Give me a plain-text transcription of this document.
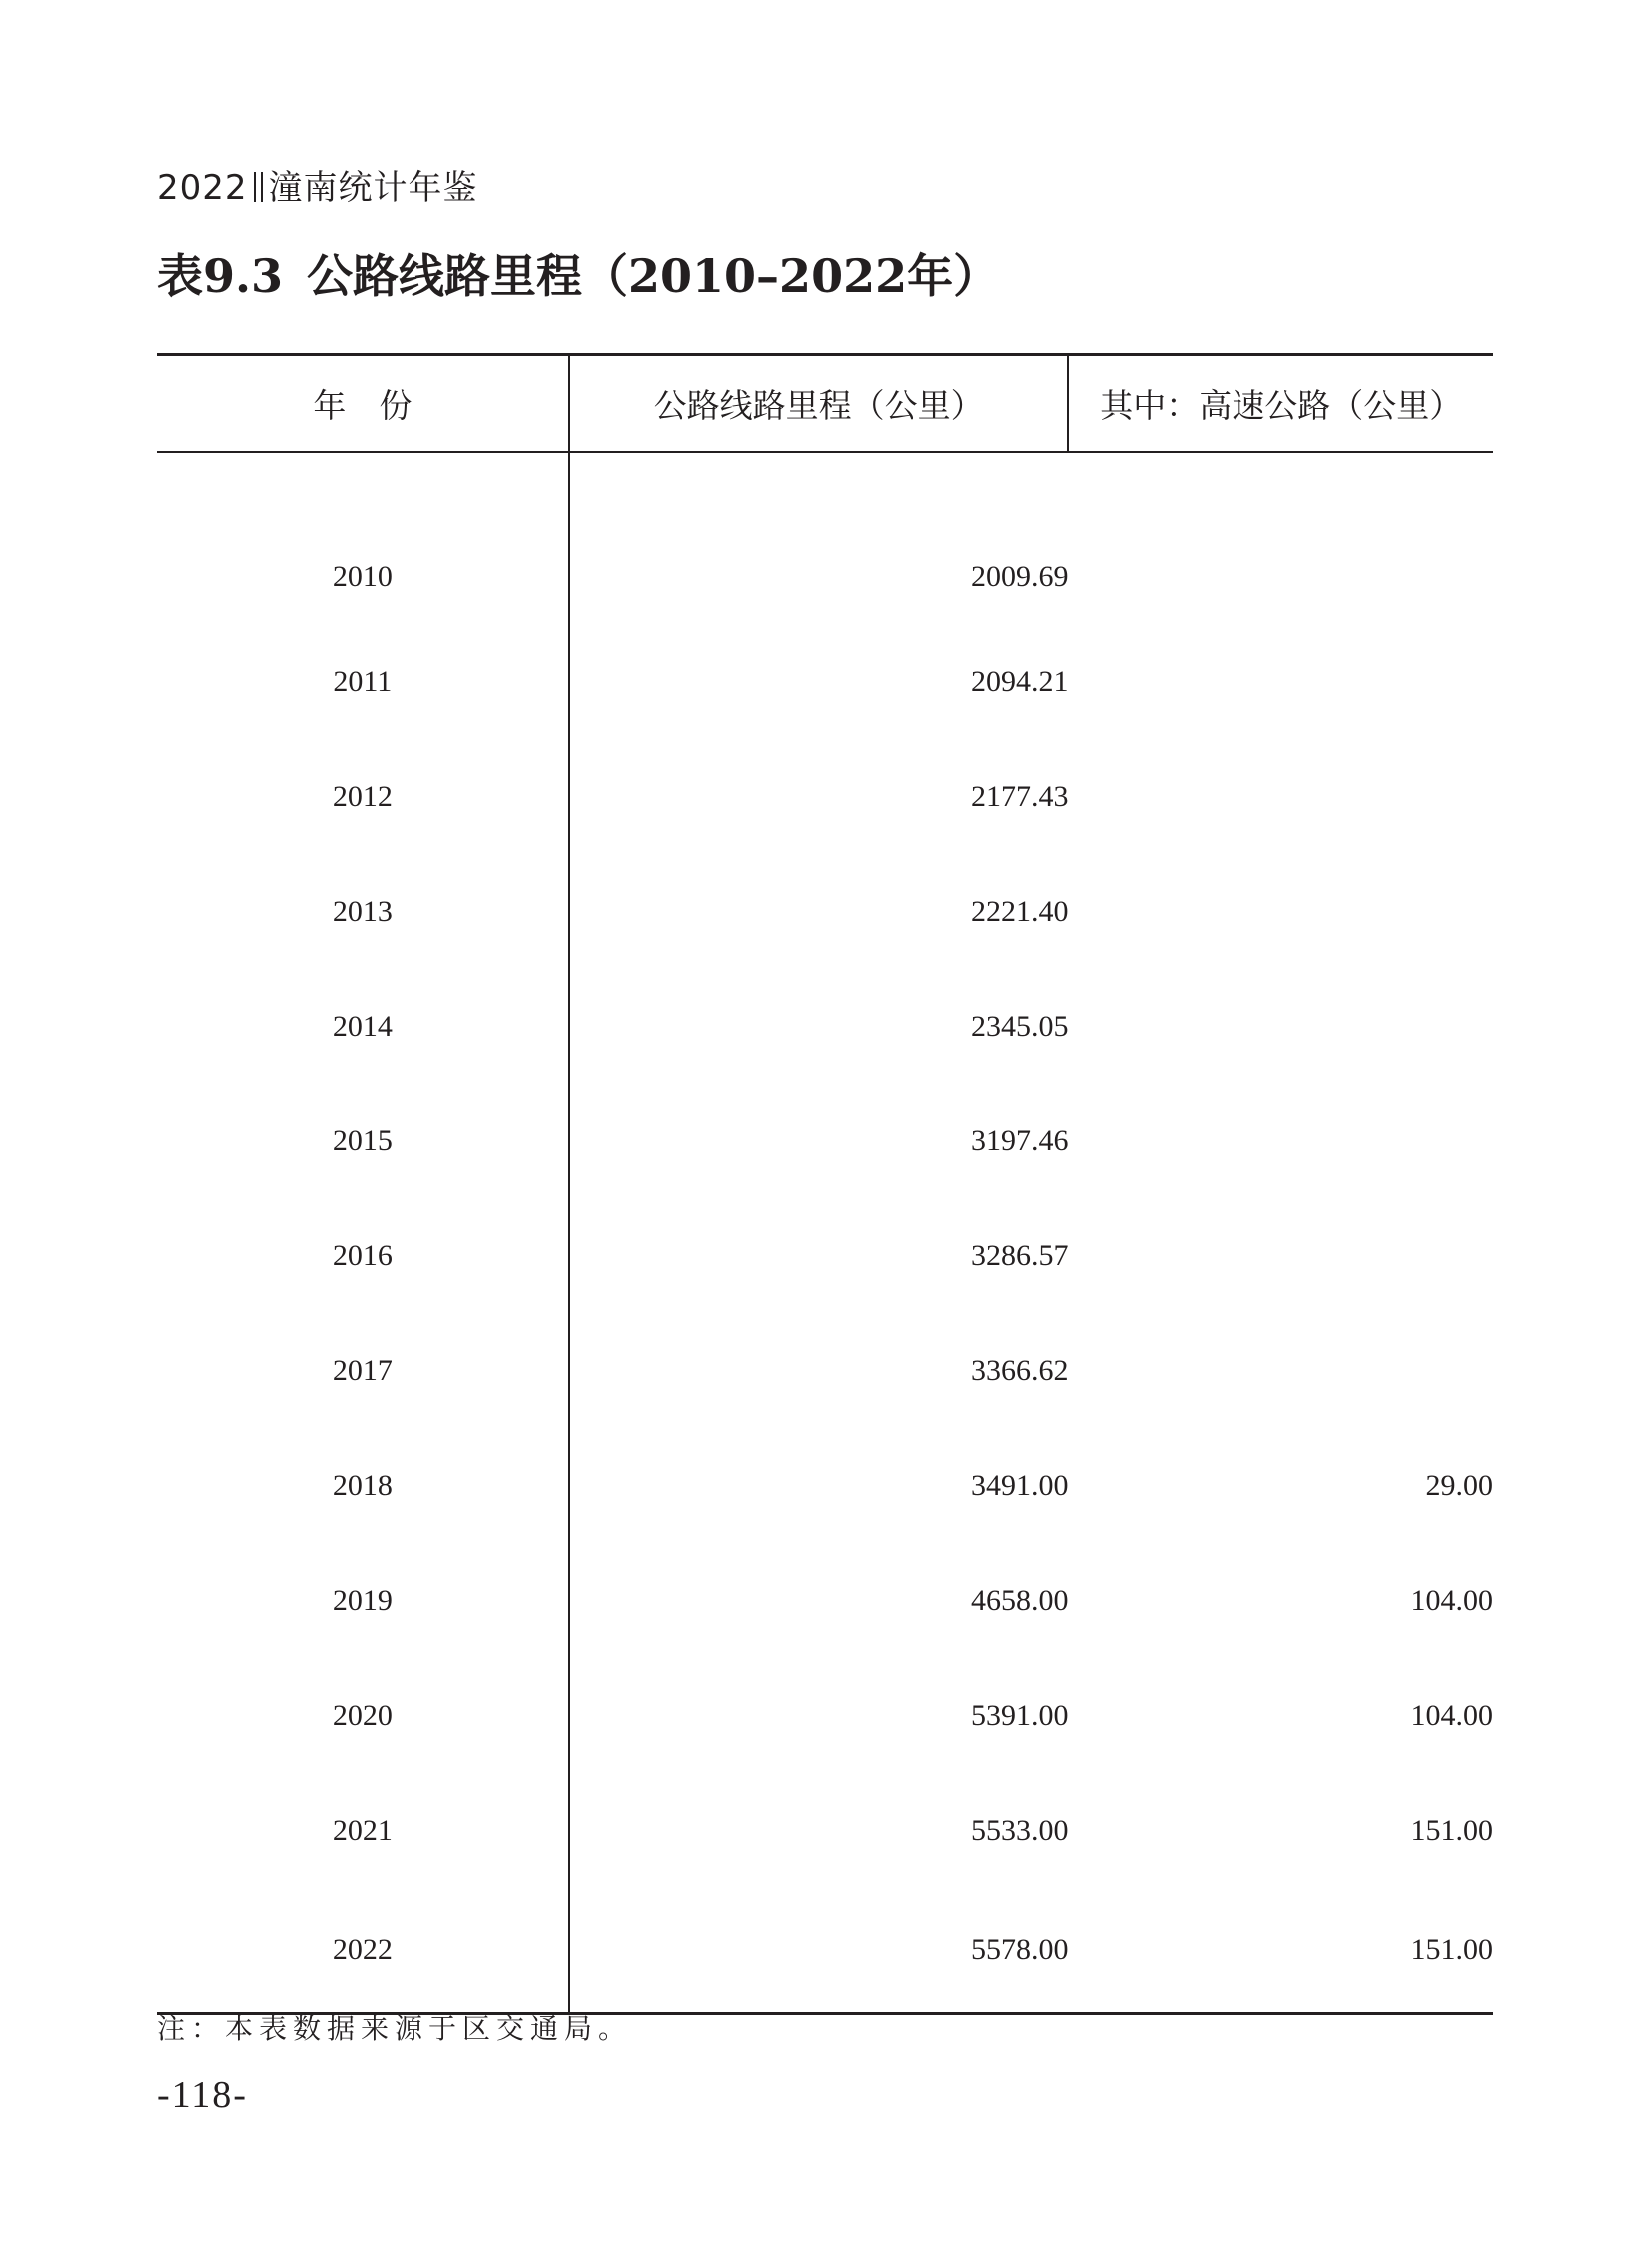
2022 潼南统计年鉴
表9.3 公路线路里程（2010–2022年）
年　份	公路线路里程（公里）	其中：高速公路（公里）
2010	2009.69	
2011	2094.21	
2012	2177.43	
2013	2221.40	
2014	2345.05	
2015	3197.46	
2016	3286.57	
2017	3366.62	
2018	3491.00	29.00
2019	4658.00	104.00
2020	5391.00	104.00
2021	5533.00	151.00
2022	5578.00	151.00
注：本表数据来源于区交通局。
-118-
